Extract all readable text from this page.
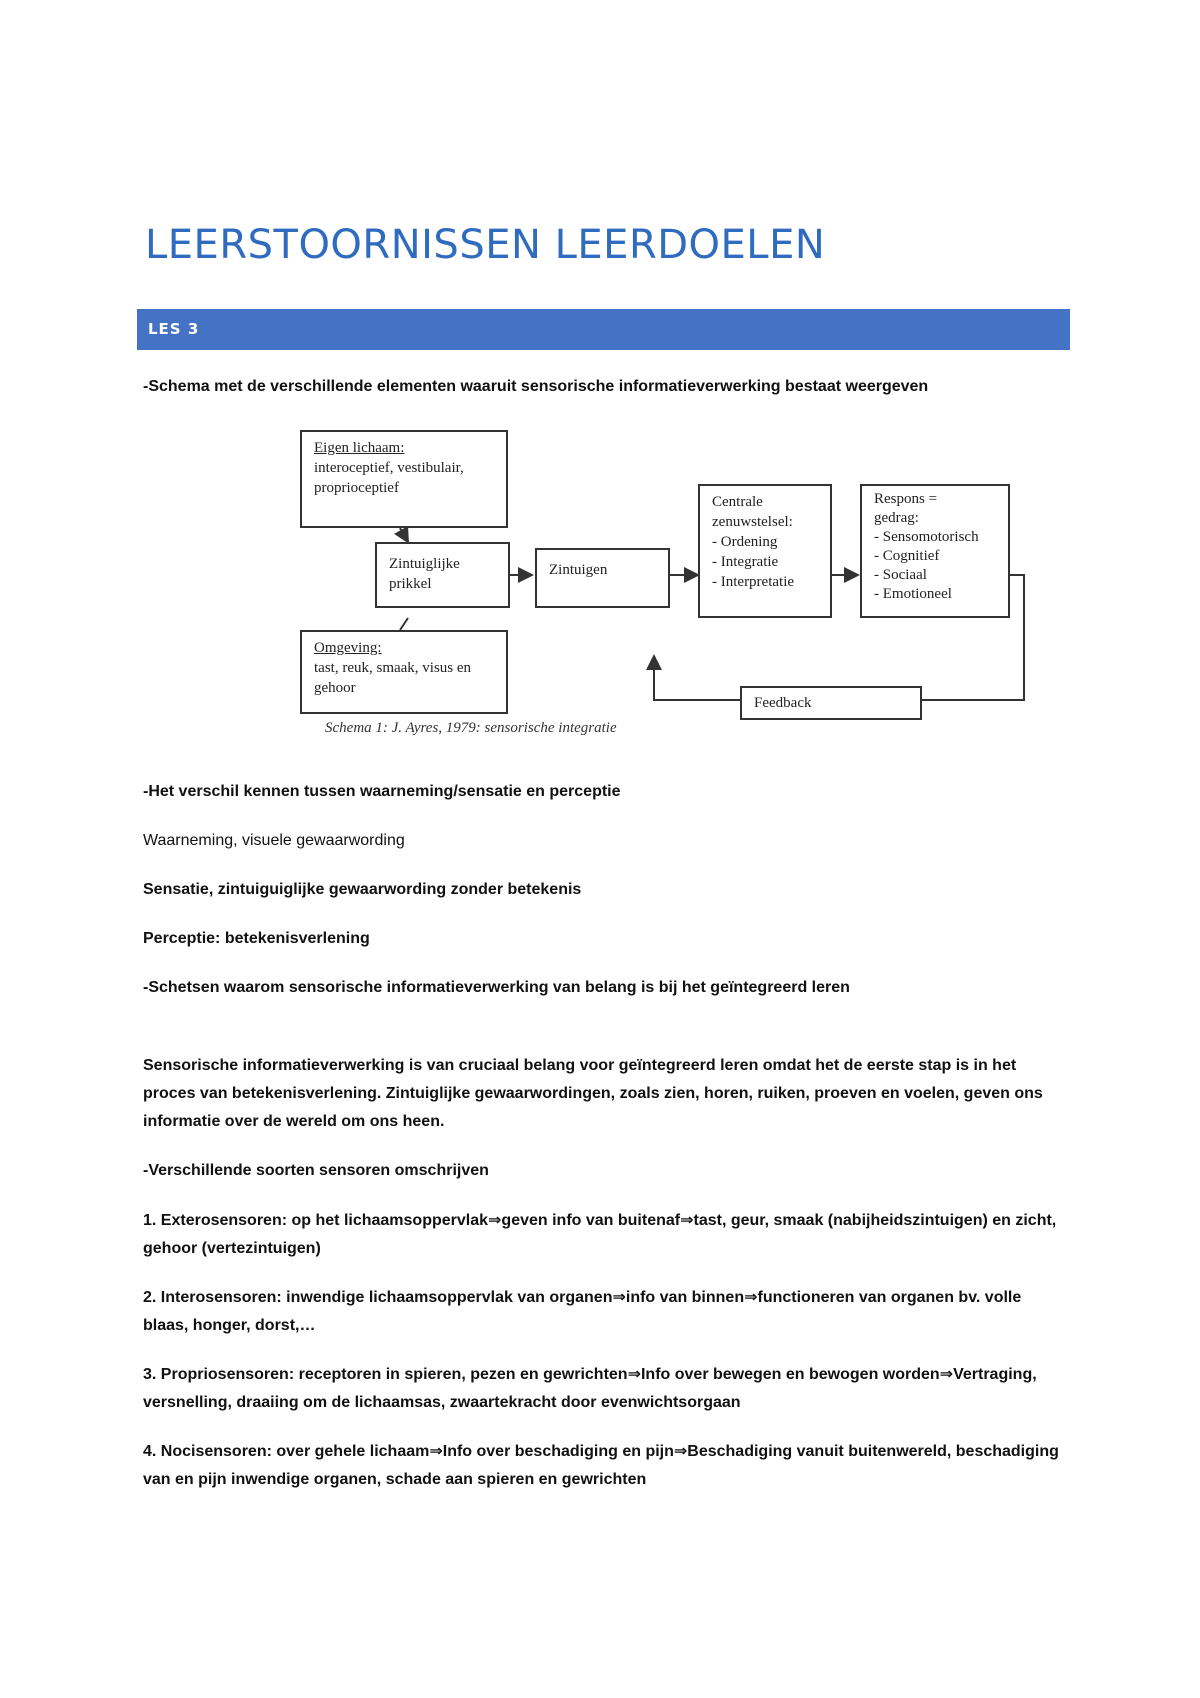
LEERSTOORNISSEN LEERDOELEN
LES 3
-Schema met de verschillende elementen waaruit sensorische informatieverwerking bestaat weergeven
Eigen lichaam:
interoceptief, vestibulair,
proprioceptief
Zintuiglijke
prikkel
Omgeving:
tast, reuk, smaak, visus en
gehoor
Zintuigen
Centrale
zenuwstelsel:
- Ordening
- Integratie
- Interpretatie
Respons =
gedrag:
- Sensomotorisch
- Cognitief
- Sociaal
- Emotioneel
Feedback
Schema 1: J. Ayres, 1979: sensorische integratie
-Het verschil kennen tussen waarneming/sensatie en perceptie
Waarneming, visuele gewaarwording
Sensatie, zintuiguiglijke gewaarwording zonder betekenis
Perceptie: betekenisverlening
-Schetsen waarom sensorische informatieverwerking van belang is bij het geïntegreerd leren
Sensorische informatieverwerking is van cruciaal belang voor geïntegreerd leren omdat het de eerste stap is in het proces van betekenisverlening. Zintuiglijke gewaarwordingen, zoals zien, horen, ruiken, proeven en voelen, geven ons informatie over de wereld om ons heen.
-Verschillende soorten sensoren omschrijven
1. Exterosensoren: op het lichaamsoppervlak⇒geven info van buitenaf⇒tast, geur, smaak (nabijheidszintuigen) en zicht, gehoor (vertezintuigen)
2. Interosensoren: inwendige lichaamsoppervlak van organen⇒info van binnen⇒functioneren van organen bv. volle blaas, honger, dorst,…
3. Propriosensoren: receptoren in spieren, pezen en gewrichten⇒Info over bewegen en bewogen worden⇒Vertraging, versnelling, draaiing om de lichaamsas, zwaartekracht door evenwichtsorgaan
4. Nocisensoren: over gehele lichaam⇒Info over beschadiging en pijn⇒Beschadiging vanuit buitenwereld, beschadiging van en pijn inwendige organen, schade aan spieren en gewrichten
